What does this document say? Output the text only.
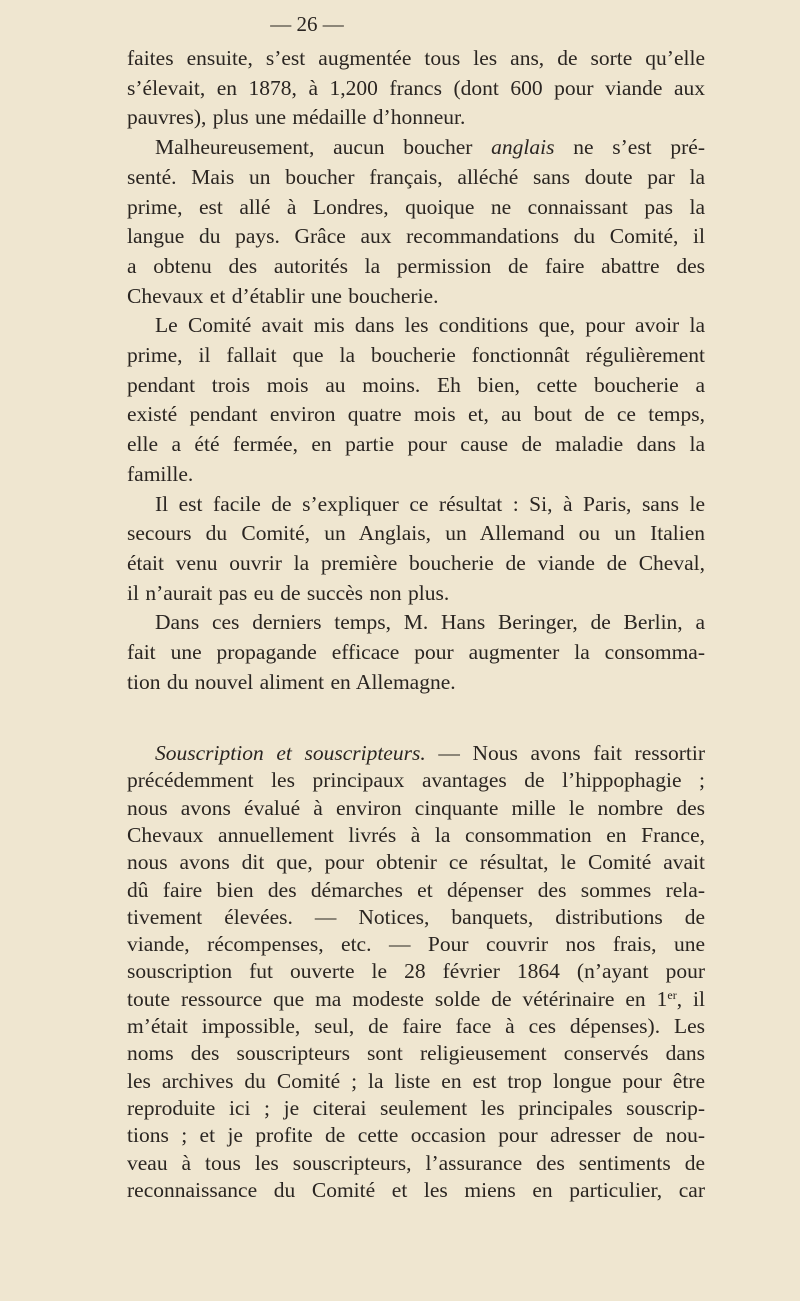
— 26 —
faites ensuite, s’est augmentée tous les ans, de sorte qu’elle
s’élevait, en 1878, à 1,200 francs (dont 600 pour viande aux
pauvres), plus une médaille d’honneur.
Malheureusement, aucun boucher anglais ne s’est pré-
senté. Mais un boucher français, alléché sans doute par la
prime, est allé à Londres, quoique ne connaissant pas la
langue du pays. Grâce aux recommandations du Comité, il
a obtenu des autorités la permission de faire abattre des
Chevaux et d’établir une boucherie.
Le Comité avait mis dans les conditions que, pour avoir la
prime, il fallait que la boucherie fonctionnât régulièrement
pendant trois mois au moins. Eh bien, cette boucherie a
existé pendant environ quatre mois et, au bout de ce temps,
elle a été fermée, en partie pour cause de maladie dans la
famille.
Il est facile de s’expliquer ce résultat : Si, à Paris, sans le
secours du Comité, un Anglais, un Allemand ou un Italien
était venu ouvrir la première boucherie de viande de Cheval,
il n’aurait pas eu de succès non plus.
Dans ces derniers temps, M. Hans Beringer, de Berlin, a
fait une propagande efficace pour augmenter la consomma-
tion du nouvel aliment en Allemagne.
Souscription et souscripteurs. — Nous avons fait ressortir
précédemment les principaux avantages de l’hippophagie ;
nous avons évalué à environ cinquante mille le nombre des
Chevaux annuellement livrés à la consommation en France,
nous avons dit que, pour obtenir ce résultat, le Comité avait
dû faire bien des démarches et dépenser des sommes rela-
tivement élevées. — Notices, banquets, distributions de
viande, récompenses, etc. — Pour couvrir nos frais, une
souscription fut ouverte le 28 février 1864 (n’ayant pour
toute ressource que ma modeste solde de vétérinaire en 1er, il
m’était impossible, seul, de faire face à ces dépenses). Les
noms des souscripteurs sont religieusement conservés dans
les archives du Comité ; la liste en est trop longue pour être
reproduite ici ; je citerai seulement les principales souscrip-
tions ; et je profite de cette occasion pour adresser de nou-
veau à tous les souscripteurs, l’assurance des sentiments de
reconnaissance du Comité et les miens en particulier, car
